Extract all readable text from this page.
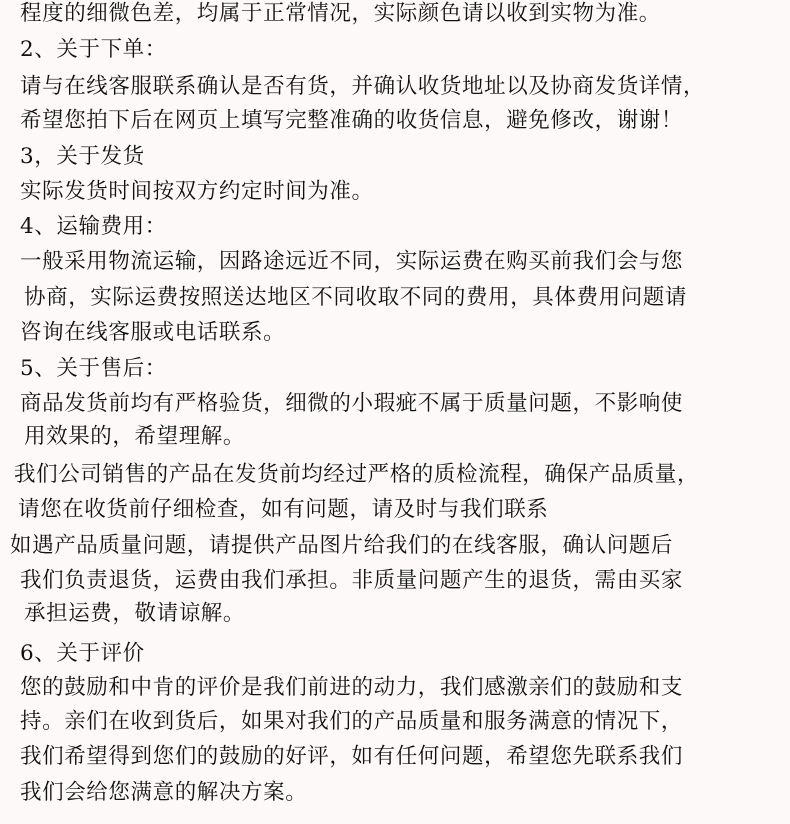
程度的细微色差，均属于正常情况，实际颜色请以收到实物为准。
2、关于下单：
请与在线客服联系确认是否有货，并确认收货地址以及协商发货详情，
希望您拍下后在网页上填写完整准确的收货信息，避免修改，谢谢！
3，关于发货
实际发货时间按双方约定时间为准。
4、运输费用：
一般采用物流运输，因路途远近不同，实际运费在购买前我们会与您
协商，实际运费按照送达地区不同收取不同的费用，具体费用问题请
咨询在线客服或电话联系。
5、关于售后：
商品发货前均有严格验货，细微的小瑕疵不属于质量问题，不影响使
用效果的，希望理解。
我们公司销售的产品在发货前均经过严格的质检流程，确保产品质量，
请您在收货前仔细检查，如有问题，请及时与我们联系
如遇产品质量问题，请提供产品图片给我们的在线客服，确认问题后
我们负责退货，运费由我们承担。非质量问题产生的退货，需由买家
承担运费，敬请谅解。
6、关于评价
您的鼓励和中肯的评价是我们前进的动力，我们感激亲们的鼓励和支
持。亲们在收到货后，如果对我们的产品质量和服务满意的情况下，
我们希望得到您们的鼓励的好评，如有任何问题，希望您先联系我们
我们会给您满意的解决方案。
